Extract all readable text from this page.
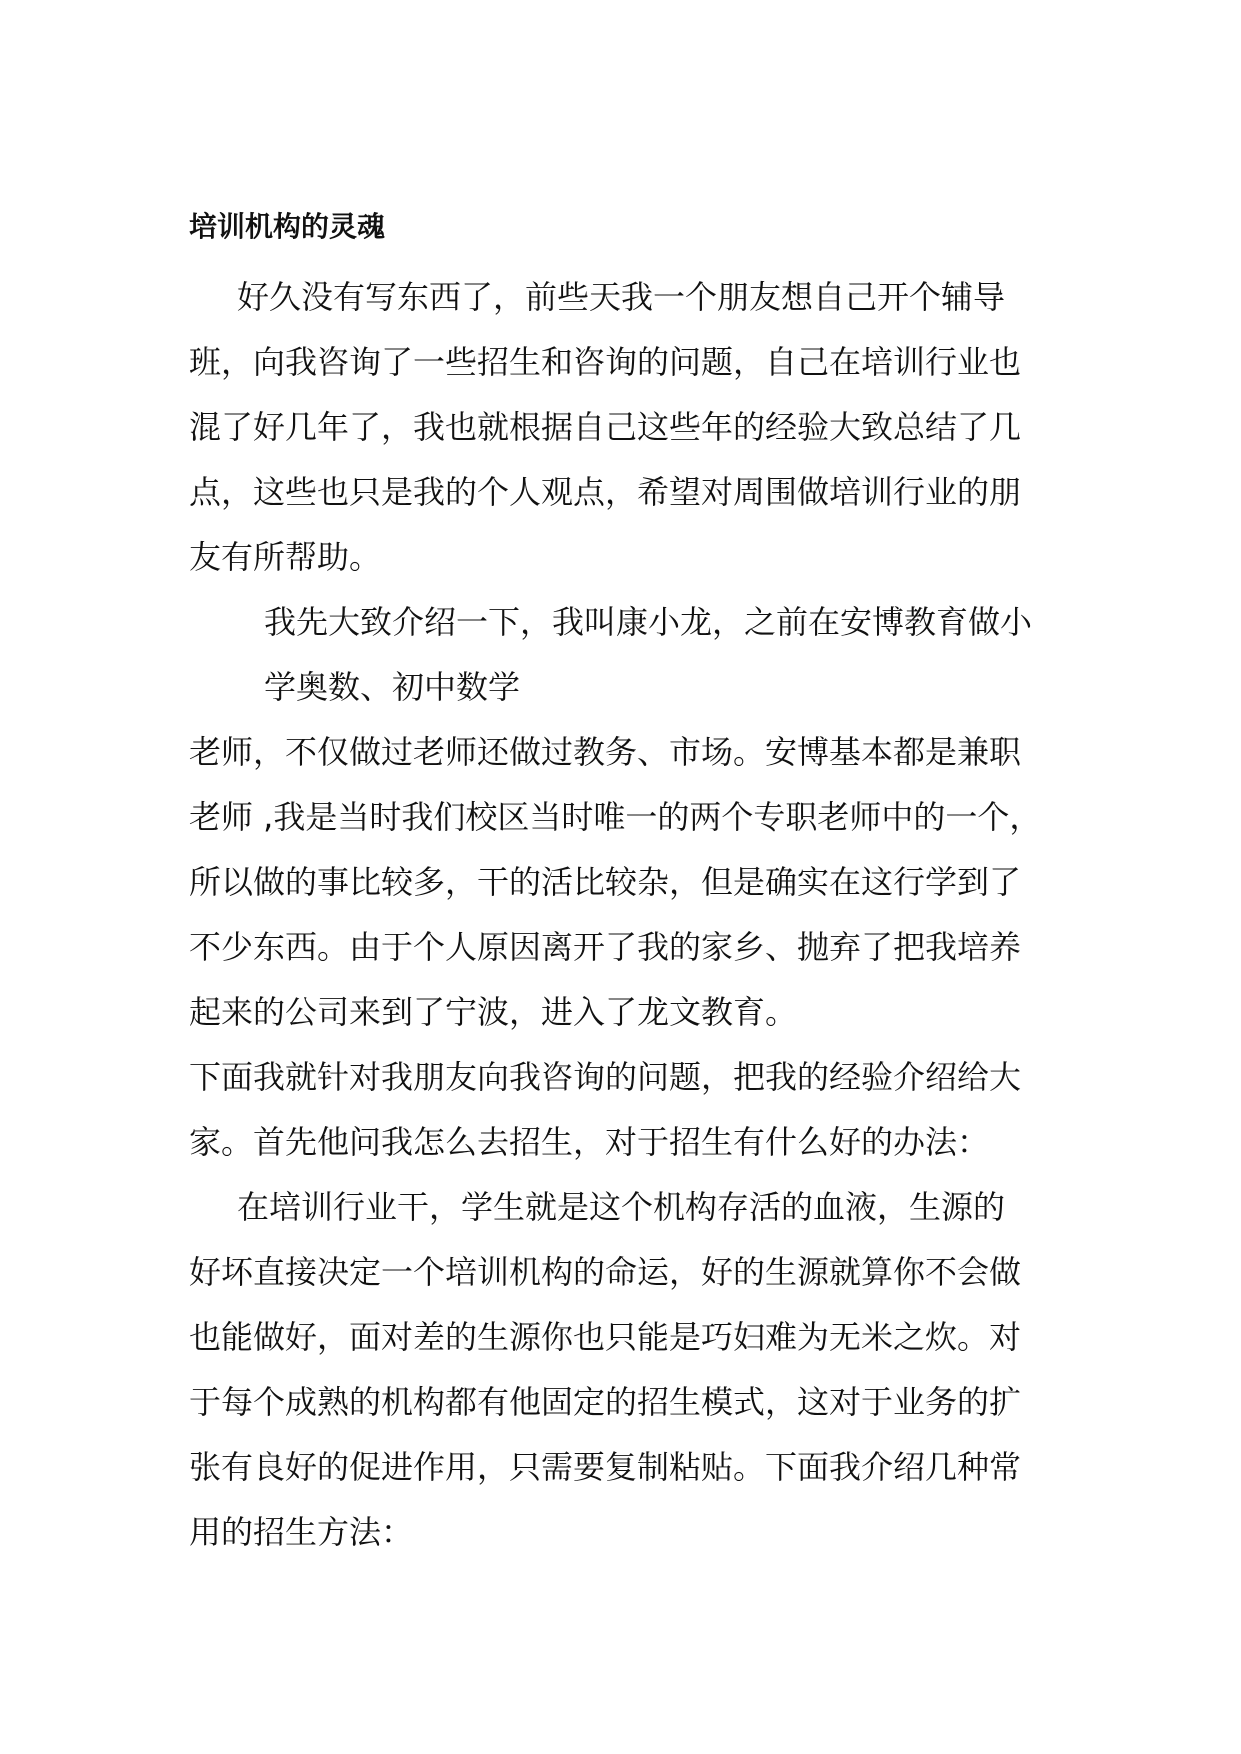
培训机构的灵魂
好久没有写东西了，前些天我一个朋友想自己开个辅导
班，向我咨询了一些招生和咨询的问题，自己在培训行业也
混了好几年了，我也就根据自己这些年的经验大致总结了几
点，这些也只是我的个人观点，希望对周围做培训行业的朋
友有所帮助。
我先大致介绍一下，我叫康小龙，之前在安博教育做小
学奥数、初中数学
老师，不仅做过老师还做过教务、市场。安博基本都是兼职
老师 ,我是当时我们校区当时唯一的两个专职老师中的一个，
所以做的事比较多，干的活比较杂，但是确实在这行学到了
不少东西。由于个人原因离开了我的家乡、抛弃了把我培养
起来的公司来到了宁波，进入了龙文教育。
下面我就针对我朋友向我咨询的问题，把我的经验介绍给大
家。首先他问我怎么去招生，对于招生有什么好的办法：
在培训行业干，学生就是这个机构存活的血液，生源的
好坏直接决定一个培训机构的命运，好的生源就算你不会做
也能做好，面对差的生源你也只能是巧妇难为无米之炊。对
于每个成熟的机构都有他固定的招生模式，这对于业务的扩
张有良好的促进作用，只需要复制粘贴。下面我介绍几种常
用的招生方法：
